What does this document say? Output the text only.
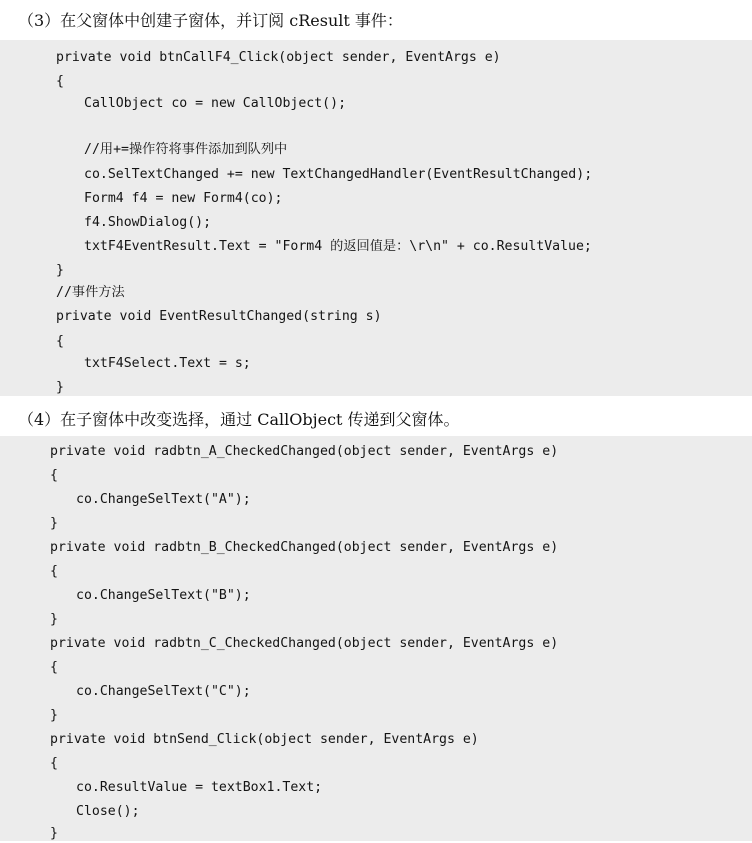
（3）在父窗体中创建子窗体，并订阅 cResult 事件：
private void btnCallF4_Click(object sender, EventArgs e)
{
CallObject co = new CallObject();
//用+=操作符将事件添加到队列中
co.SelTextChanged += new TextChangedHandler(EventResultChanged);
Form4 f4 = new Form4(co);
f4.ShowDialog();
txtF4EventResult.Text = "Form4 的返回值是：\r\n" + co.ResultValue;
}
//事件方法
private void EventResultChanged(string s)
{
txtF4Select.Text = s;
}
（4）在子窗体中改变选择，通过 CallObject 传递到父窗体。
private void radbtn_A_CheckedChanged(object sender, EventArgs e)
{
co.ChangeSelText("A");
}
private void radbtn_B_CheckedChanged(object sender, EventArgs e)
{
co.ChangeSelText("B");
}
private void radbtn_C_CheckedChanged(object sender, EventArgs e)
{
co.ChangeSelText("C");
}
private void btnSend_Click(object sender, EventArgs e)
{
co.ResultValue = textBox1.Text;
Close();
}
